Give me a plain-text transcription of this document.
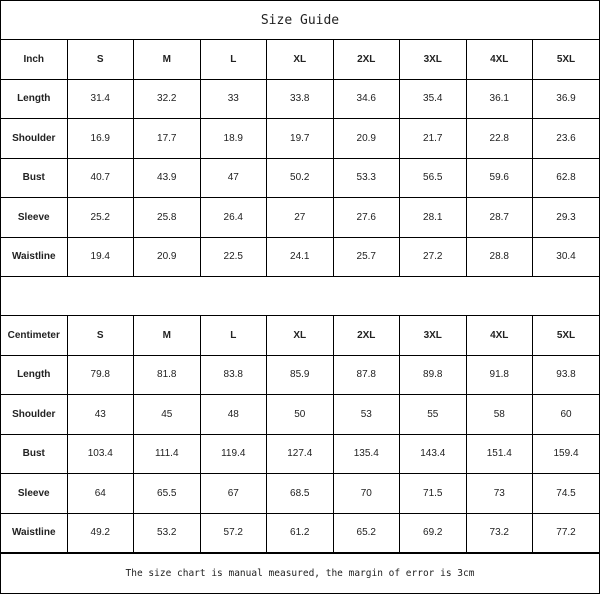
Size Guide
Inch	S	M	L	XL	2XL	3XL	4XL	5XL
Length	31.4	32.2	33	33.8	34.6	35.4	36.1	36.9
Shoulder	16.9	17.7	18.9	19.7	20.9	21.7	22.8	23.6
Bust	40.7	43.9	47	50.2	53.3	56.5	59.6	62.8
Sleeve	25.2	25.8	26.4	27	27.6	28.1	28.7	29.3
Waistline	19.4	20.9	22.5	24.1	25.7	27.2	28.8	30.4
Centimeter	S	M	L	XL	2XL	3XL	4XL	5XL
Length	79.8	81.8	83.8	85.9	87.8	89.8	91.8	93.8
Shoulder	43	45	48	50	53	55	58	60
Bust	103.4	111.4	119.4	127.4	135.4	143.4	151.4	159.4
Sleeve	64	65.5	67	68.5	70	71.5	73	74.5
Waistline	49.2	53.2	57.2	61.2	65.2	69.2	73.2	77.2
The size chart is manual measured, the margin of error is 3cm
